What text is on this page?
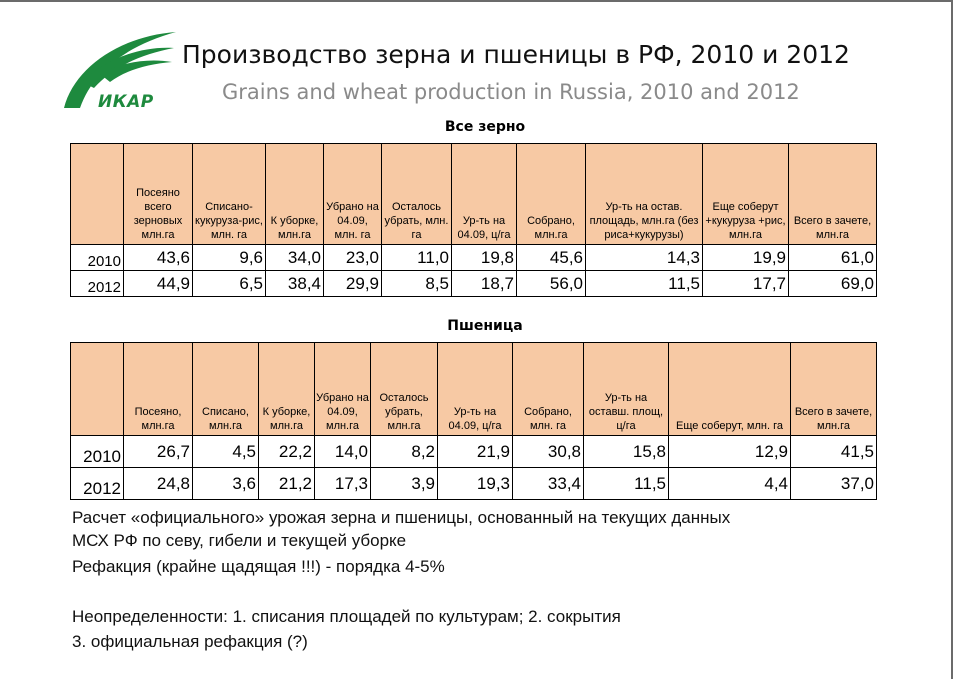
ИКАР
Производство зерна и пшеницы в РФ, 2010 и 2012
Grains and wheat production in Russia, 2010 and 2012
Все зерно
	Посеяно всего зерновых млн.га	Списано-кукуруза-рис, млн. га	К уборке, млн.га	Убрано на 04.09, млн. га	Осталось убрать, млн. га	Ур-ть на 04.09, ц/га	Собрано, млн.га	Ур-ть на остав. площадь, млн.га (без риса+кукурузы)	Еще соберут +кукуруза +рис, млн.га	Всего в зачете, млн.га
2010	43,6	9,6	34,0	23,0	11,0	19,8	45,6	14,3	19,9	61,0
2012	44,9	6,5	38,4	29,9	8,5	18,7	56,0	11,5	17,7	69,0
Пшеница
	Посеяно, млн.га	Списано, млн.га	К уборке, млн.га	Убрано на 04.09, млн.га	Осталось убрать, млн.га	Ур-ть на 04.09, ц/га	Собрано, млн. га	Ур-ть на оставш. площ, ц/га	Еще соберут, млн. га	Всего в зачете, млн.га
2010	26,7	4,5	22,2	14,0	8,2	21,9	30,8	15,8	12,9	41,5
2012	24,8	3,6	21,2	17,3	3,9	19,3	33,4	11,5	4,4	37,0
Расчет «официального» урожая зерна и пшеницы, основанный на текущих данных
МСХ РФ по севу, гибели и текущей уборке
Рефакция (крайне щадящая !!!) - порядка 4-5%
Неопределенности: 1. списания площадей по культурам; 2. сокрытия
3. официальная рефакция (?)
